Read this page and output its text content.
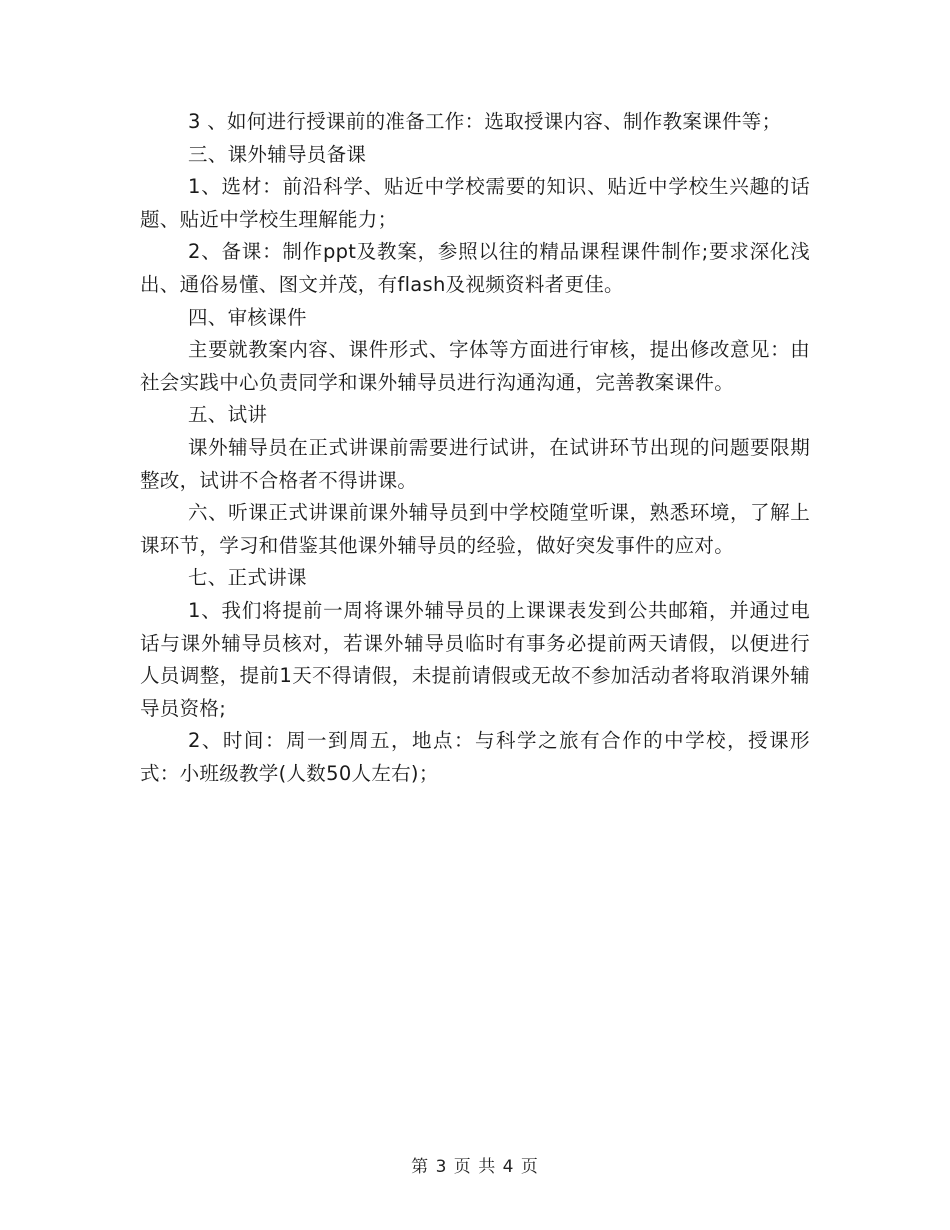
3 、如何进行授课前的准备工作：选取授课内容、制作教案课件等；

三、课外辅导员备课

1、选材：前沿科学、贴近中学校需要的知识、贴近中学校生兴趣的话题、贴近中学校生理解能力；

2、备课：制作ppt及教案，参照以往的精品课程课件制作;要求深化浅出、通俗易懂、图文并茂，有flash及视频资料者更佳。

四、审核课件

主要就教案内容、课件形式、字体等方面进行审核，提出修改意见：由社会实践中心负责同学和课外辅导员进行沟通沟通，完善教案课件。

五、试讲

课外辅导员在正式讲课前需要进行试讲，在试讲环节出现的问题要限期整改，试讲不合格者不得讲课。

六、听课正式讲课前课外辅导员到中学校随堂听课，熟悉环境，了解上课环节，学习和借鉴其他课外辅导员的经验，做好突发事件的应对。

七、正式讲课

1、我们将提前一周将课外辅导员的上课课表发到公共邮箱，并通过电话与课外辅导员核对，若课外辅导员临时有事务必提前两天请假，以便进行人员调整，提前1天不得请假，未提前请假或无故不参加活动者将取消课外辅导员资格;

2、时间：周一到周五，地点：与科学之旅有合作的中学校，授课形式：小班级教学(人数50人左右)；

第 3 页 共 4 页
